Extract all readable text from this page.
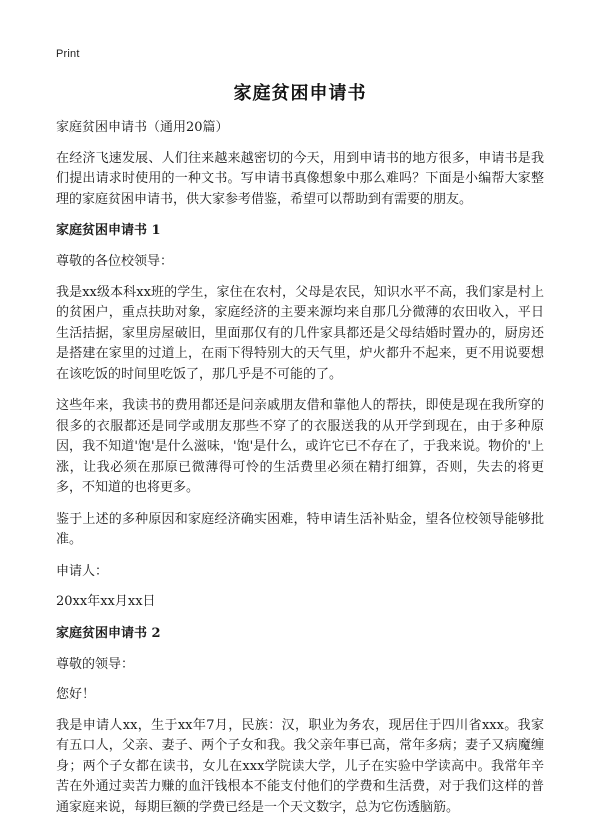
Print
家庭贫困申请书

家庭贫困申请书（通用20篇）

在经济飞速发展、人们往来越来越密切的今天，用到申请书的地方很多，申请书是我们提出请求时使用的一种文书。写申请书真像想象中那么难吗？下面是小编帮大家整理的家庭贫困申请书，供大家参考借鉴，希望可以帮助到有需要的朋友。

家庭贫困申请书 1

尊敬的各位校领导：

我是xx级本科xx班的学生，家住在农村，父母是农民，知识水平不高，我们家是村上的贫困户，重点扶助对象，家庭经济的主要来源均来自那几分微薄的农田收入，平日生活拮据，家里房屋破旧，里面那仅有的几件家具都还是父母结婚时置办的，厨房还是搭建在家里的过道上，在雨下得特别大的天气里，炉火都升不起来，更不用说要想在该吃饭的时间里吃饭了，那几乎是不可能的了。

这些年来，我读书的费用都还是问亲戚朋友借和靠他人的帮扶，即使是现在我所穿的很多的衣服都还是同学或朋友那些不穿了的衣服送我的从开学到现在，由于多种原因，我不知道'饱'是什么滋味，'饱'是什么，或许它已不存在了，于我来说。物价的'上涨，让我必须在那原已微薄得可怜的生活费里必须在精打细算，否则，失去的将更多，不知道的也将更多。

鉴于上述的多种原因和家庭经济确实困难，特申请生活补贴金，望各位校领导能够批准。

申请人：

20xx年xx月xx日

家庭贫困申请书 2

尊敬的领导：

您好！

我是申请人xx，生于xx年7月，民族：汉，职业为务农，现居住于四川省xxx。我家有五口人，父亲、妻子、两个子女和我。我父亲年事已高，常年多病；妻子又病魔缠身；两个子女都在读书，女儿在xxx学院读大学，儿子在实验中学读高中。我常年辛苦在外通过卖苦力赚的血汗钱根本不能支付他们的学费和生活费，对于我们这样的普通家庭来说，每期巨额的学费已经是一个天文数字，总为它伤透脑筋。
